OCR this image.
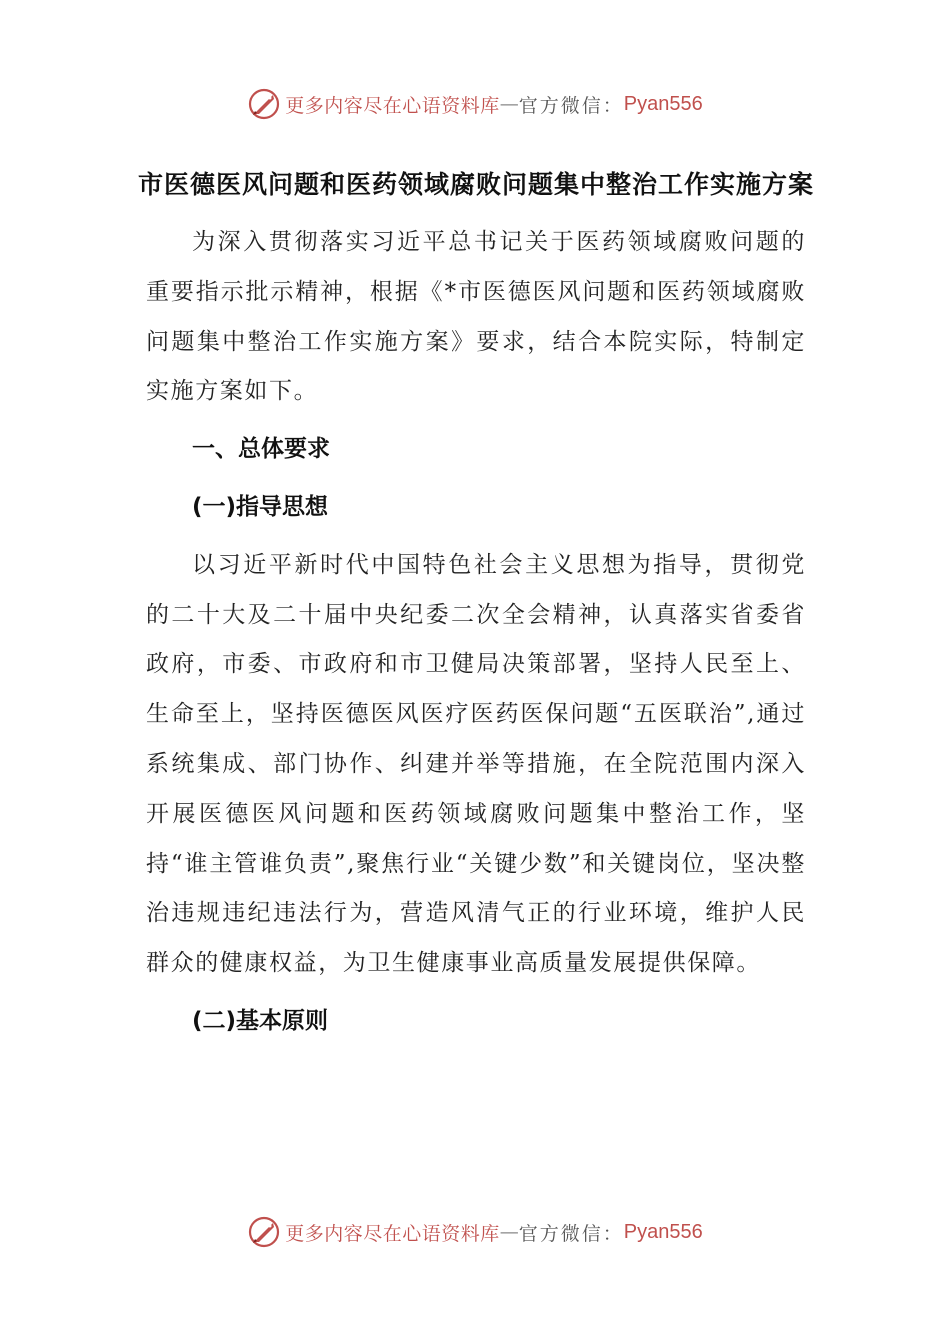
更多内容尽在心语资料库 — 官方微信： Pyan556
市医德医风问题和医药领域腐败问题集中整治工作实施方案

为深入贯彻落实习近平总书记关于医药领域腐败问题的重要指示批示精神，根据《*市医德医风问题和医药领域腐败问题集中整治工作实施方案》要求，结合本院实际，特制定实施方案如下。

一、总体要求
(一)指导思想

以习近平新时代中国特色社会主义思想为指导，贯彻党的二十大及二十届中央纪委二次全会精神，认真落实省委省政府，市委、市政府和市卫健局决策部署，坚持人民至上、生命至上，坚持医德医风医疗医药医保问题“五医联治”,通过系统集成、部门协作、纠建并举等措施，在全院范围内深入开展医德医风问题和医药领域腐败问题集中整治工作，坚持“谁主管谁负责”,聚焦行业“关键少数”和关键岗位，坚决整治违规违纪违法行为，营造风清气正的行业环境，维护人民群众的健康权益，为卫生健康事业高质量发展提供保障。

(二)基本原则
更多内容尽在心语资料库 — 官方微信： Pyan556
